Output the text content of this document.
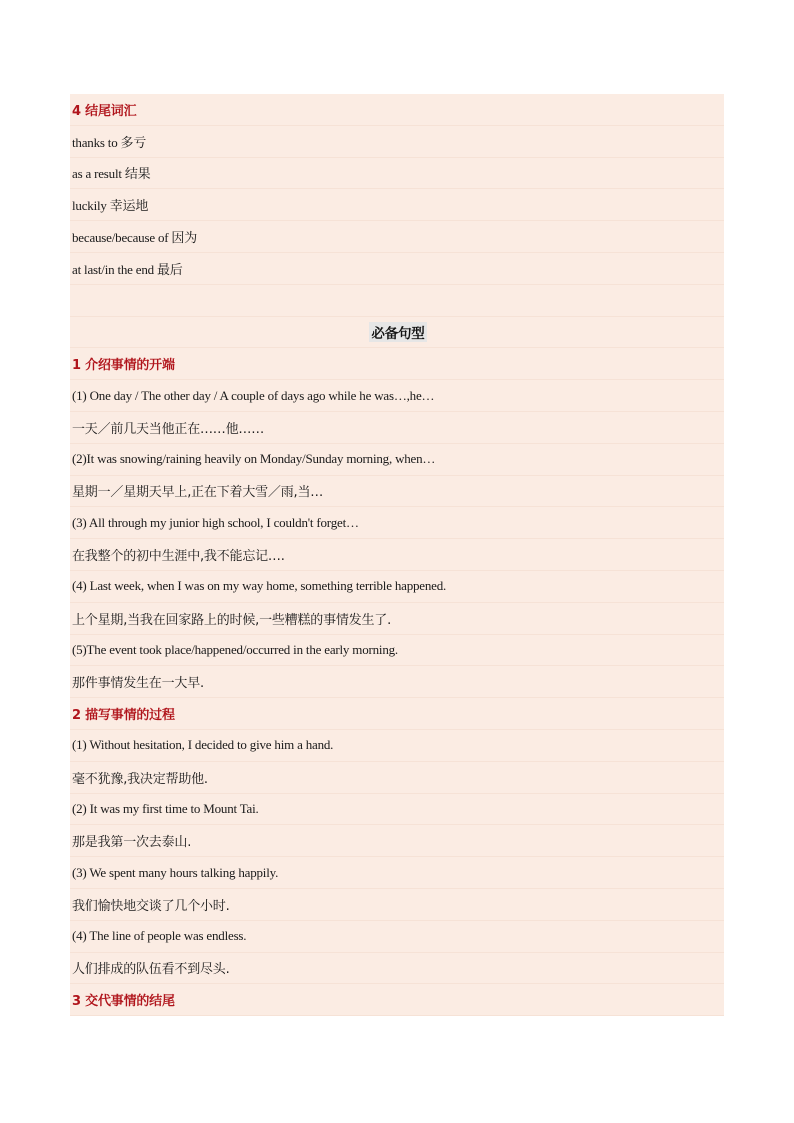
4 结尾词汇
thanks to 多亏
as a result 结果
luckily 幸运地
because/because of 因为
at last/in the end 最后
必备句型
1 介绍事情的开端
(1) One day / The other day / A couple of days ago while he was…,he…
一天／前几天当他正在……他……
(2)It was snowing/raining heavily on Monday/Sunday morning, when…
星期一／星期天早上,正在下着大雪／雨,当…
(3) All through my junior high school, I couldn't forget…
在我整个的初中生涯中,我不能忘记….
(4) Last week, when I was on my way home, something terrible happened.
上个星期,当我在回家路上的时候,一些糟糕的事情发生了.
(5)The event took place/happened/occurred in the early morning.
那件事情发生在一大早.
2 描写事情的过程
(1) Without hesitation, I decided to give him a hand.
毫不犹豫,我决定帮助他.
(2) It was my first time to Mount Tai.
那是我第一次去泰山.
(3) We spent many hours talking happily.
我们愉快地交谈了几个小时.
(4) The line of people was endless.
人们排成的队伍看不到尽头.
3 交代事情的结尾
